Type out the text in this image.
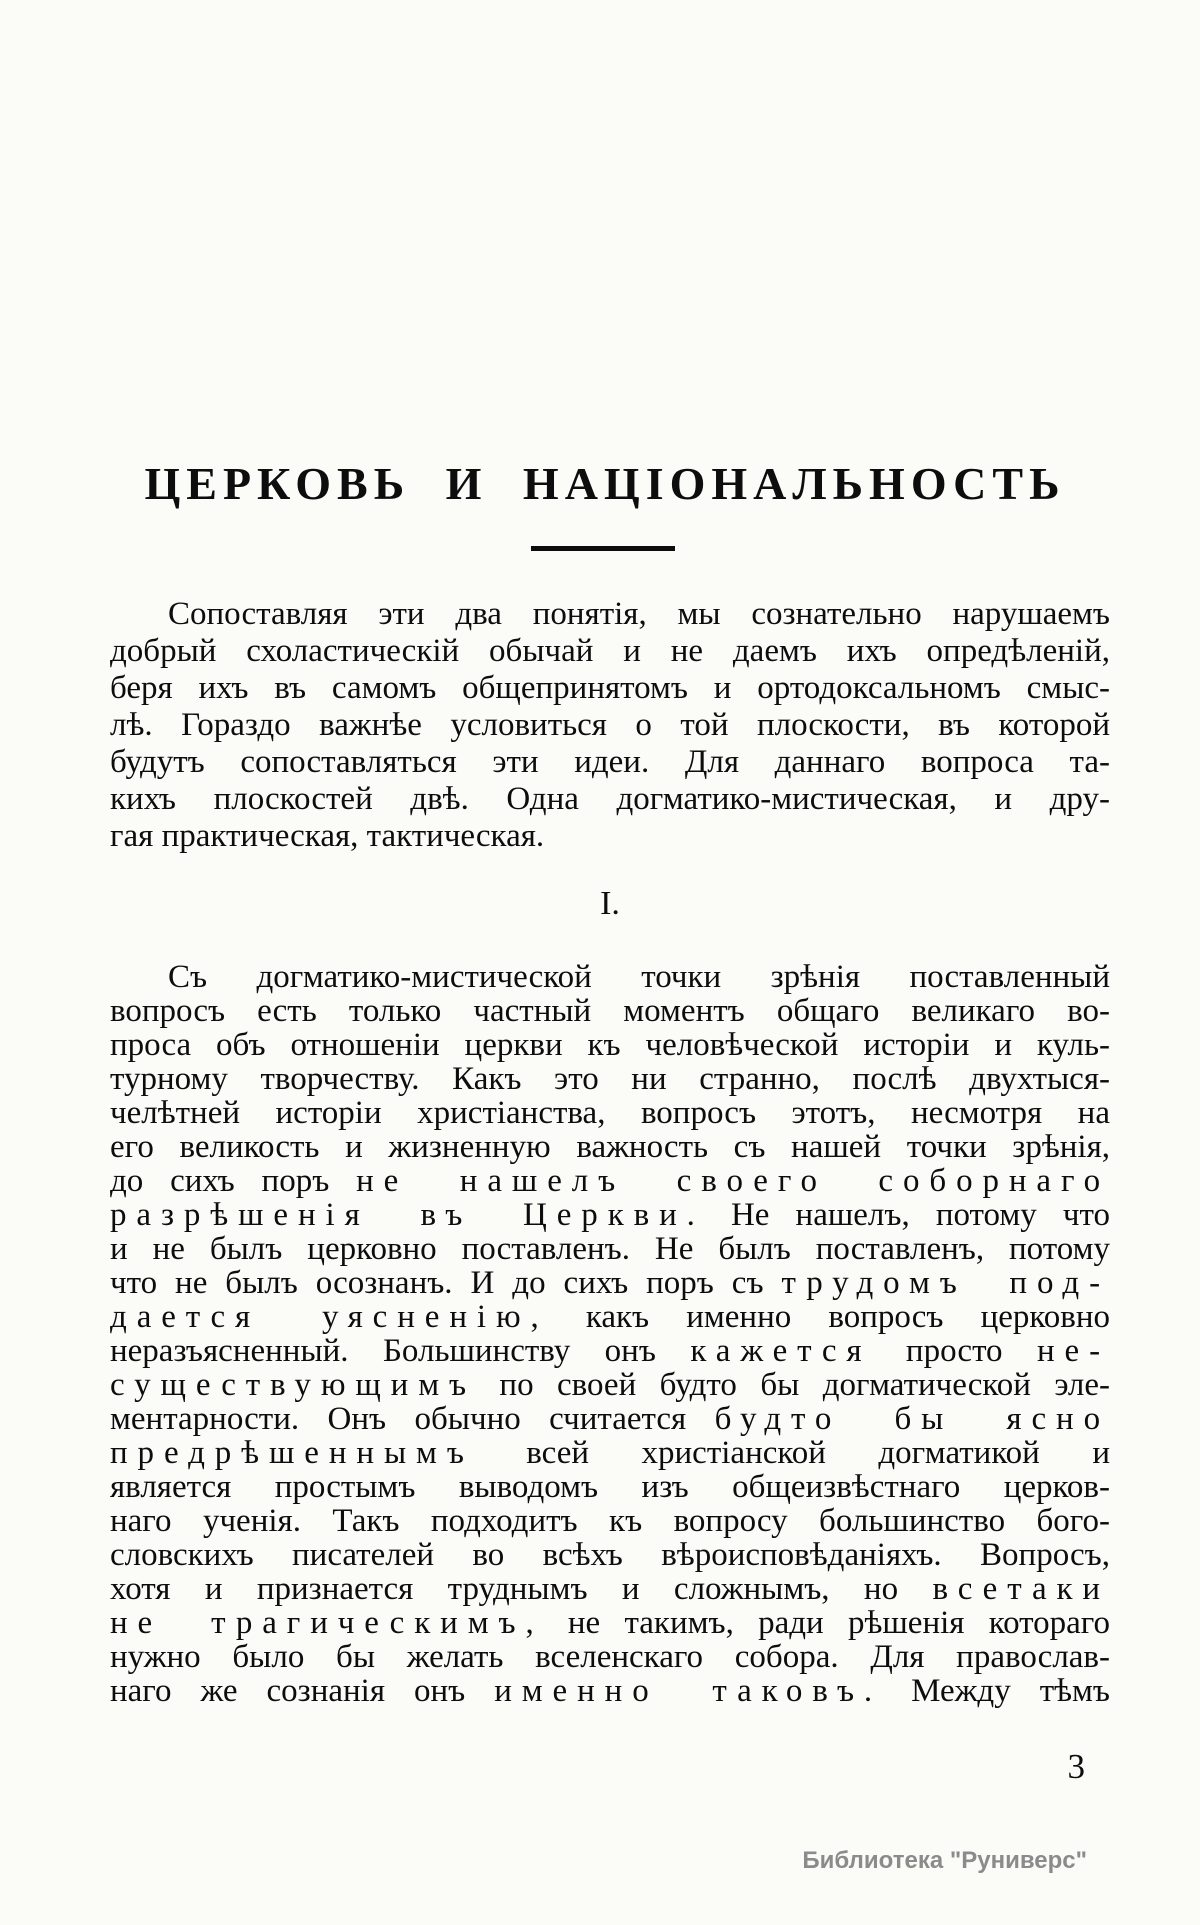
ЦЕРКОВЬ И НАЦІОНАЛЬНОСТЬ
Сопоставляя эти два понятія, мы сознательно нарушаемъ
добрый схоластическій обычай и не даемъ ихъ опредѣленій,
беря ихъ въ самомъ общепринятомъ и ортодоксальномъ смыс-
лѣ. Гораздо важнѣе условиться о той плоскости, въ которой
будутъ сопоставляться эти идеи. Для даннаго вопроса та-
кихъ плоскостей двѣ. Одна догматико-мистическая, и дру-
гая практическая, тактическая.
I.
Съ догматико-мистической точки зрѣнія поставленный
вопросъ есть только частный моментъ общаго великаго во-
проса объ отношеніи церкви къ человѣческой исторіи и куль-
турному творчеству. Какъ это ни странно, послѣ двухтыся-
челѣтней исторіи христіанства, вопросъ этотъ, несмотря на
его великость и жизненную важность съ нашей точки зрѣнія,
до сихъ поръ не нашелъ своего соборнаго
разрѣшенія въ Церкви. Не нашелъ, потому что
и не былъ церковно поставленъ. Не былъ поставленъ, потому
что не былъ осознанъ. И до сихъ поръ съ трудомъ под-
дается уясненію, какъ именно вопросъ церковно
неразъясненный. Большинству онъ кажется просто не-
существующимъ по своей будто бы догматической эле-
ментарности. Онъ обычно считается будто бы ясно
предрѣшеннымъ всей христіанской догматикой и
является простымъ выводомъ изъ общеизвѣстнаго церков-
наго ученія. Такъ подходитъ къ вопросу большинство бого-
словскихъ писателей во всѣхъ вѣроисповѣданіяхъ. Вопросъ,
хотя и признается труднымъ и сложнымъ, но всетаки
не трагическимъ, не такимъ, ради рѣшенія котораго
нужно было бы желать вселенскаго собора. Для православ-
наго же сознанія онъ именно таковъ. Между тѣмъ
3
Библиотека "Руниверс"
